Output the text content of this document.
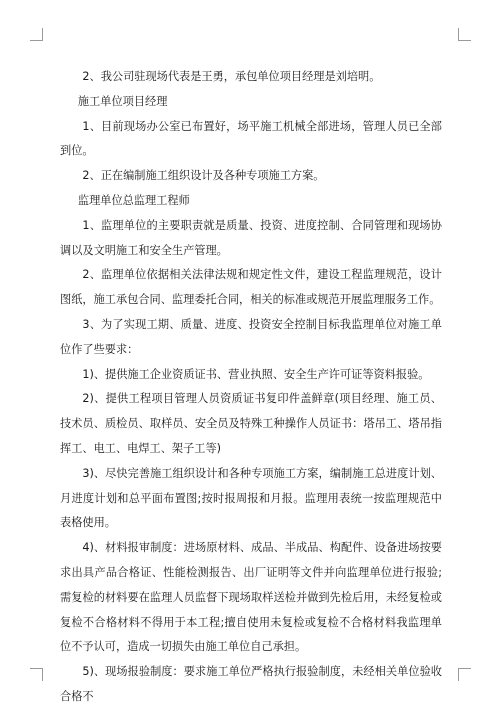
2、我公司驻现场代表是王勇，承包单位项目经理是刘培明。

施工单位项目经理

1、目前现场办公室已布置好，场平施工机械全部进场，管理人员已全部到位。

2、正在编制施工组织设计及各种专项施工方案。

监理单位总监理工程师

1、监理单位的主要职责就是质量、投资、进度控制、合同管理和现场协调以及文明施工和安全生产管理。

2、监理单位依据相关法律法规和规定性文件，建设工程监理规范，设计图纸，施工承包合同、监理委托合同，相关的标准或规范开展监理服务工作。

3、为了实现工期、质量、进度、投资安全控制目标我监理单位对施工单位作了些要求：

1)、提供施工企业资质证书、营业执照、安全生产许可证等资料报验。

2)、提供工程项目管理人员资质证书复印件盖鲜章(项目经理、施工员、技术员、质检员、取样员、安全员及特殊工种操作人员证书：塔吊工、塔吊指挥工、电工、电焊工、架子工等)

3)、尽快完善施工组织设计和各种专项施工方案，编制施工总进度计划、月进度计划和总平面布置图;按时报周报和月报。监理用表统一按监理规范中表格使用。

4)、材料报审制度：进场原材料、成品、半成品、构配件、设备进场按要求出具产品合格证、性能检测报告、出厂证明等文件并向监理单位进行报验;需复检的材料要在监理人员监督下现场取样送检并做到先检后用，未经复检或复检不合格材料不得用于本工程;擅自使用未复检或复检不合格材料我监理单位不予认可，造成一切损失由施工单位自己承担。

5)、现场报验制度：要求施工单位严格执行报验制度，未经相关单位验收合格不
